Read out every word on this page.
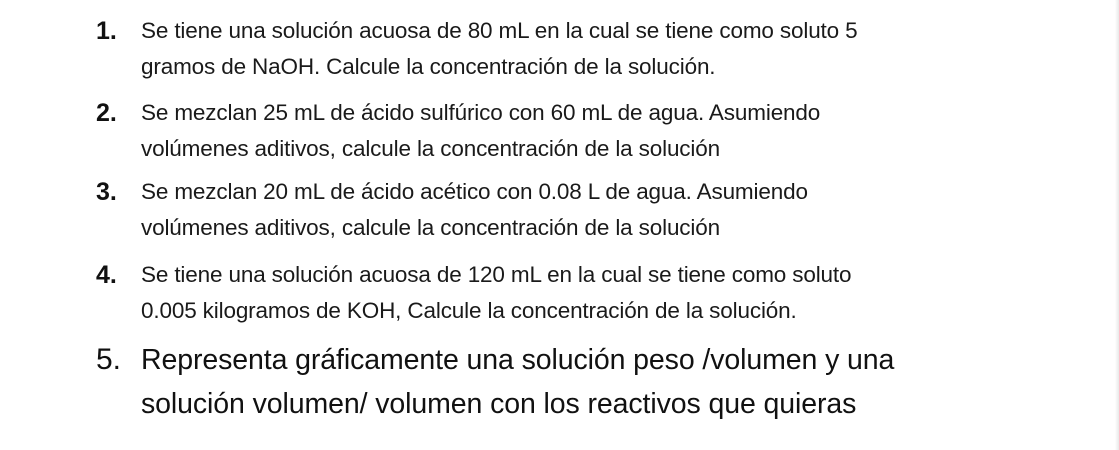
1. Se tiene una solución acuosa de 80 mL en la cual se tiene como soluto 5
gramos de NaOH. Calcule la concentración de la solución.
2. Se mezclan 25 mL de ácido sulfúrico con 60 mL de agua. Asumiendo
volúmenes aditivos, calcule la concentración de la solución
3. Se mezclan 20 mL de ácido acético con 0.08 L de agua. Asumiendo
volúmenes aditivos, calcule la concentración de la solución
4. Se tiene una solución acuosa de 120 mL en la cual se tiene como soluto
0.005 kilogramos de KOH, Calcule la concentración de la solución.
5. Representa gráficamente una solución peso /volumen y una
solución volumen/ volumen con los reactivos que quieras
